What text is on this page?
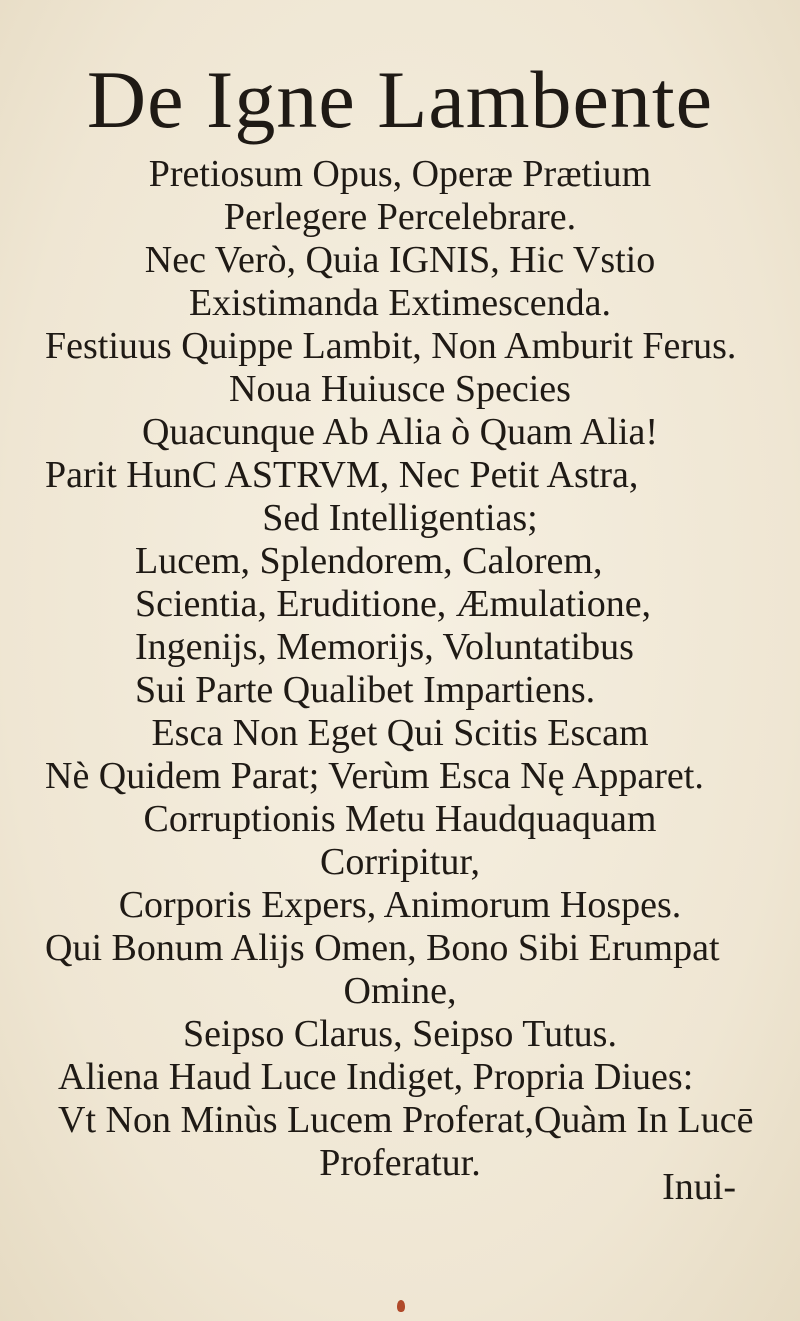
De Igne Lambente
Pretiosum Opus, Operæ Prætium
Perlegere Percelebrare.
Nec Verò, Quia IGNIS, Hic Vstio
Existimanda Extimescenda.
Festiuus Quippe Lambit, Non Amburit Ferus.
Noua Huiusce Species
Quacunque Ab Alia ò Quam Alia!
Parit HunC ASTRVM, Nec Petit Astra,
Sed Intelligentias;
Lucem, Splendorem, Calorem,
Scientia, Eruditione, Æmulatione,
Ingenijs, Memorijs, Voluntatibus
Sui Parte Qualibet Impartiens.
Esca Non Eget Qui Scitis Escam
Nè Quidem Parat; Verùm Esca Nę Apparet.
Corruptionis Metu Haudquaquam
Corripitur,
Corporis Expers, Animorum Hospes.
Qui Bonum Alijs Omen, Bono Sibi Erumpat
Omine,
Seipso Clarus, Seipso Tutus.
Aliena Haud Luce Indiget, Propria Diues:
Vt Non Minùs Lucem Proferat,Quàm In Lucē
Proferatur.
Inui-
